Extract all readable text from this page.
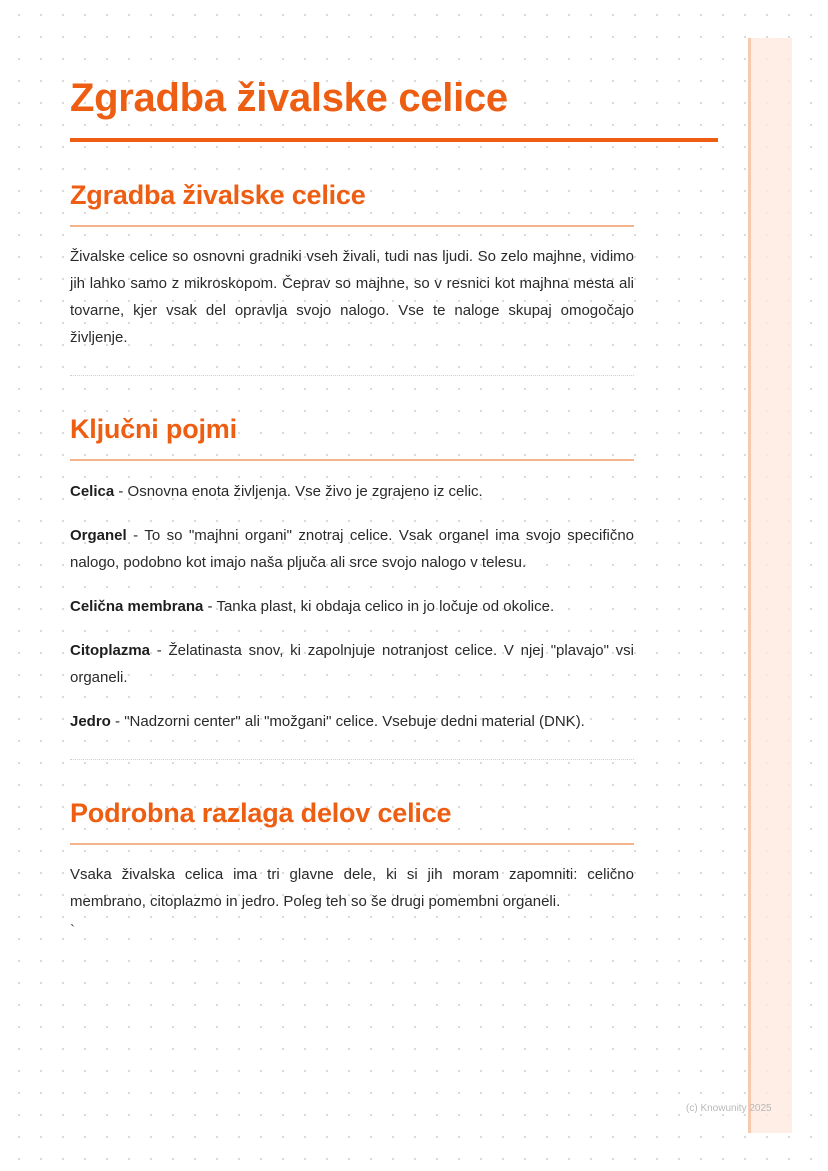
Zgradba živalske celice
Zgradba živalske celice

Živalske celice so osnovni gradniki vseh živali, tudi nas ljudi. So zelo majhne, vidimo jih lahko samo z mikroskopom. Čeprav so majhne, so v resnici kot majhna mesta ali tovarne, kjer vsak del opravlja svojo nalogo. Vse te naloge skupaj omogočajo življenje.

Ključni pojmi

Celica - Osnovna enota življenja. Vse živo je zgrajeno iz celic.

Organel - To so "majhni organi" znotraj celice. Vsak organel ima svojo specifično nalogo, podobno kot imajo naša pljuča ali srce svojo nalogo v telesu.

Celična membrana - Tanka plast, ki obdaja celico in jo ločuje od okolice.

Citoplazma - Želatinasta snov, ki zapolnjuje notranjost celice. V njej "plavajo" vsi organeli.

Jedro - "Nadzorni center" ali "možgani" celice. Vsebuje dedni material (DNK).

Podrobna razlaga delov celice

Vsaka živalska celica ima tri glavne dele, ki si jih moram zapomniti: celično membrano, citoplazmo in jedro. Poleg teh so še drugi pomembni organeli.

`
(c) Knowunity 2025
